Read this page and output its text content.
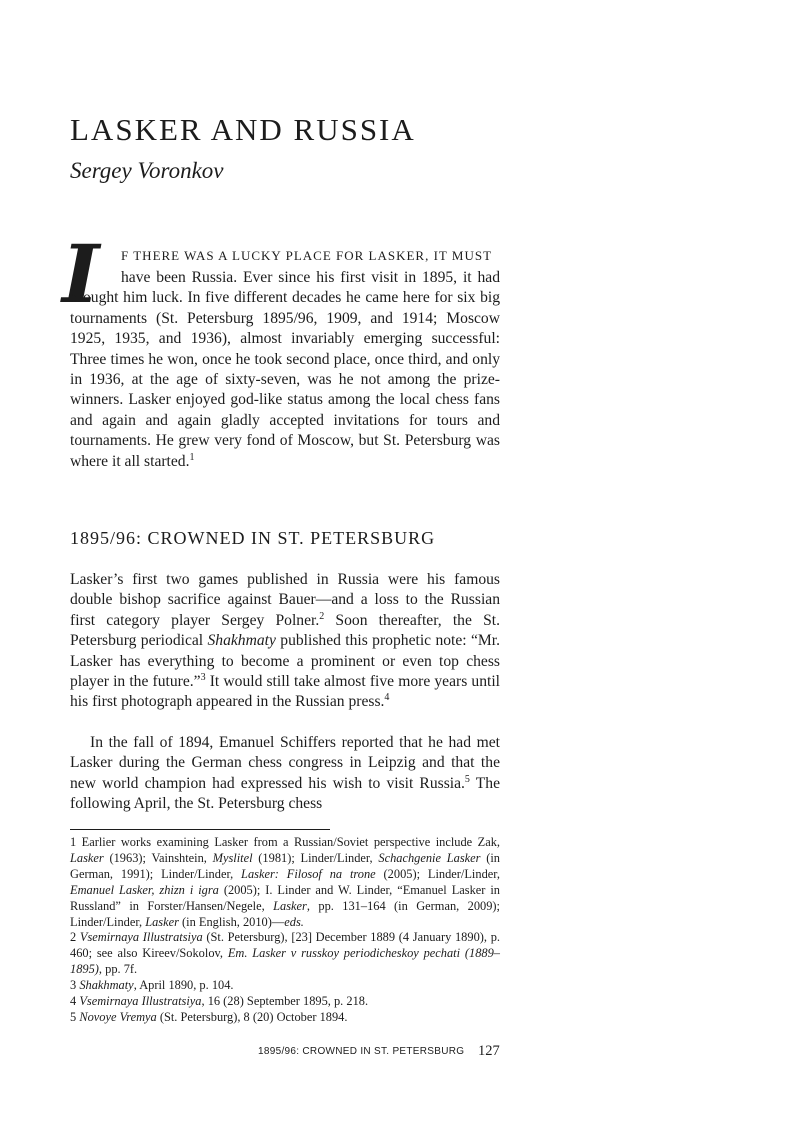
LASKER AND RUSSIA
Sergey Voronkov
I F THERE WAS A LUCKY PLACE FOR LASKER, IT MUST

have been Russia. Ever since his first visit in 1895, it had brought him luck. In five different decades he came here for six big tournaments (St. Petersburg 1895/96, 1909, and 1914; Moscow 1925, 1935, and 1936), almost invariably emerging successful: Three times he won, once he took second place, once third, and only in 1936, at the age of sixty-seven, was he not among the prize-winners. Lasker enjoyed god-like status among the local chess fans and again and again gladly accepted invitations for tours and tournaments. He grew very fond of Moscow, but St. Petersburg was where it all started.$^1$

1895/96: CROWNED IN ST. PETERSBURG

Lasker’s first two games published in Russia were his famous double bishop sacrifice against Bauer—and a loss to the Russian first category player Sergey Polner.$^2$ Soon thereafter, the St. Petersburg periodical Shakhmaty published this prophetic note: “Mr. Lasker has everything to become a prominent or even top chess player in the future.”$^3$ It would still take almost five more years until his first photograph appeared in the Russian press.$^4$

In the fall of 1894, Emanuel Schiffers reported that he had met Lasker during the German chess congress in Leipzig and that the new world champion had expressed his wish to visit Russia.$^5$ The following April, the St. Petersburg chess

1 Earlier works examining Lasker from a Russian/Soviet perspective include Zak, Lasker (1963); Vainshtein, Myslitel (1981); Linder/Linder, Schachgenie Lasker (in German, 1991); Linder/Linder, Lasker: Filosof na trone (2005); Linder/Linder, Emanuel Lasker, zhizn i igra (2005); I. Linder and W. Linder, “Emanuel Lasker in Russland” in Forster/Hansen/Negele, Lasker, pp. 131–164 (in German, 2009); Linder/Linder, Lasker (in English, 2010)—eds.

2 Vsemirnaya Illustratsiya (St. Petersburg), [23] December 1889 (4 January 1890), p. 460; see also Kireev/Sokolov, Em. Lasker v russkoy periodicheskoy pechati (1889–1895), pp. 7f.

3 Shakhmaty, April 1890, p. 104.

4 Vsemirnaya Illustratsiya, 16 (28) September 1895, p. 218.

5 Novoye Vremya (St. Petersburg), 8 (20) October 1894.

1895/96: CROWNED IN ST. PETERSBURG 127
